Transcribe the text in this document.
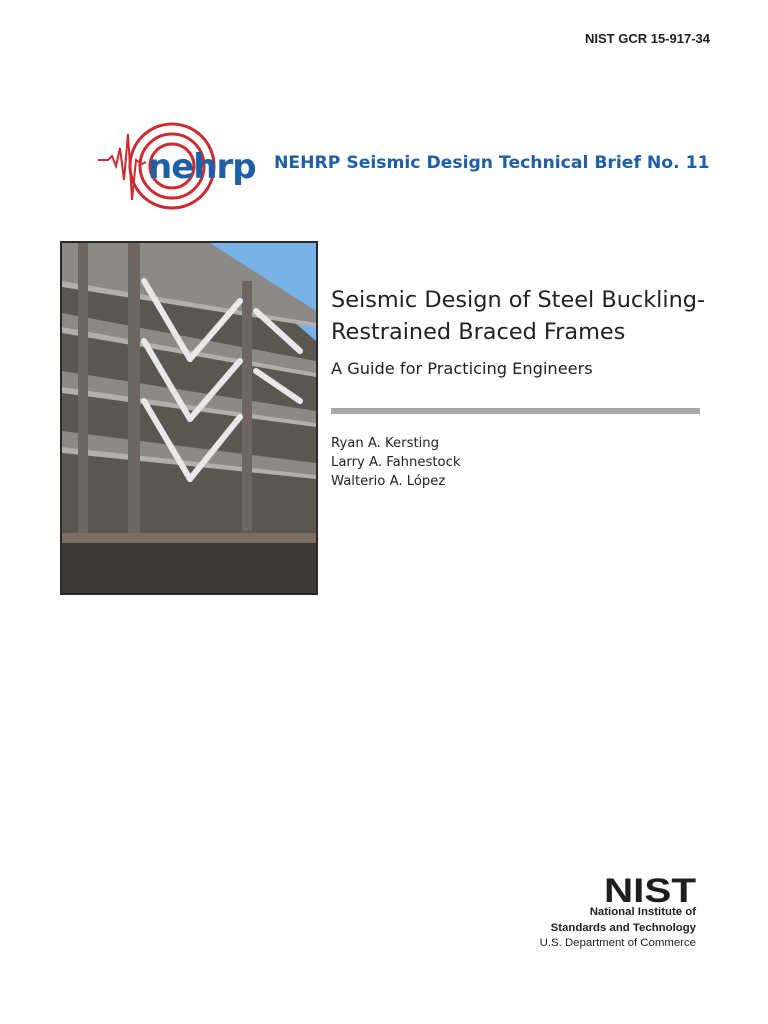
NIST GCR 15-917-34
nehrp NEHRP Seismic Design Technical Brief No. 11
Seismic Design of Steel Buckling-
Restrained Braced Frames
A Guide for Practicing Engineers
Ryan A. Kersting
Larry A. Fahnestock
Walterio A. López
NIST
National Institute of
Standards and Technology
U.S. Department of Commerce
